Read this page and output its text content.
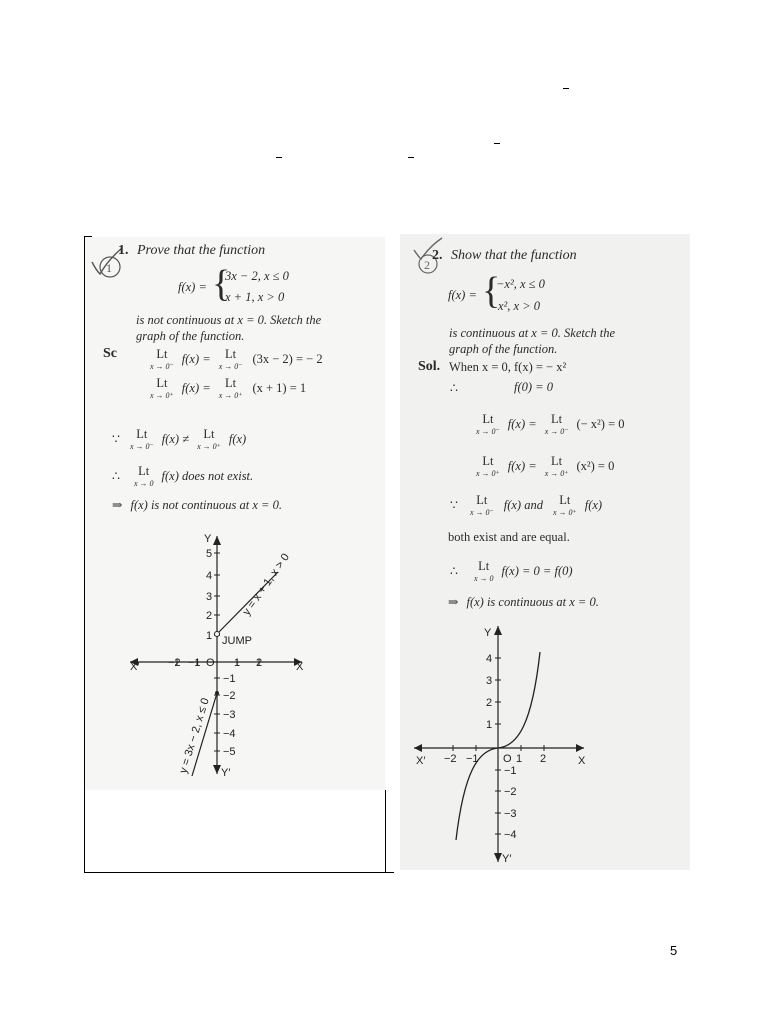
1
1. Prove that the function
f(x) = {
3x − 2, x ≤ 0
x + 1, x > 0
is not continuous at x = 0. Sketch the
graph of the function.
Sc	Lt
x → 0⁻
f(x) =	Lt
x → 0⁻
(3x − 2) = − 2
Lt
x → 0⁺
f(x) =	Lt
x → 0⁺
(x + 1) = 1
∵	Lt
x → 0⁻
f(x) ≠	Lt
x → 0⁺
f(x)
∴	Lt
x → 0
f(x) does not exist.
⇒ f(x) is not continuous at x = 0.
Y
Y′
X
X′	O
−2 −1	1 2
5
4
3
2
1
−1
−2
−3
−4
−5
JUMP
y = x + 1, x > 0
y = 3x − 2, x ≤ 0
2
2. Show that the function
f(x) = {
−x², x ≤ 0
x², x > 0
is continuous at x = 0. Sketch the
graph of the function.
Sol. When x = 0, f(x) = − x²
∴	f(0) = 0
Lt
x → 0⁻
f(x) =	Lt
x → 0⁻
(− x²) = 0
Lt
x → 0⁺
f(x) =	Lt
x → 0⁺
(x²) = 0
∵	Lt
x → 0⁻
f(x) and	Lt
x → 0⁺
f(x)
both exist and are equal.
∴	Lt
x → 0
f(x) = 0 = f(0)
⇒ f(x) is continuous at x = 0.
Y
Y′
X
X′	O
−2 −1	1 2
4
3
2
1
−1
−2
−3
−4
5
